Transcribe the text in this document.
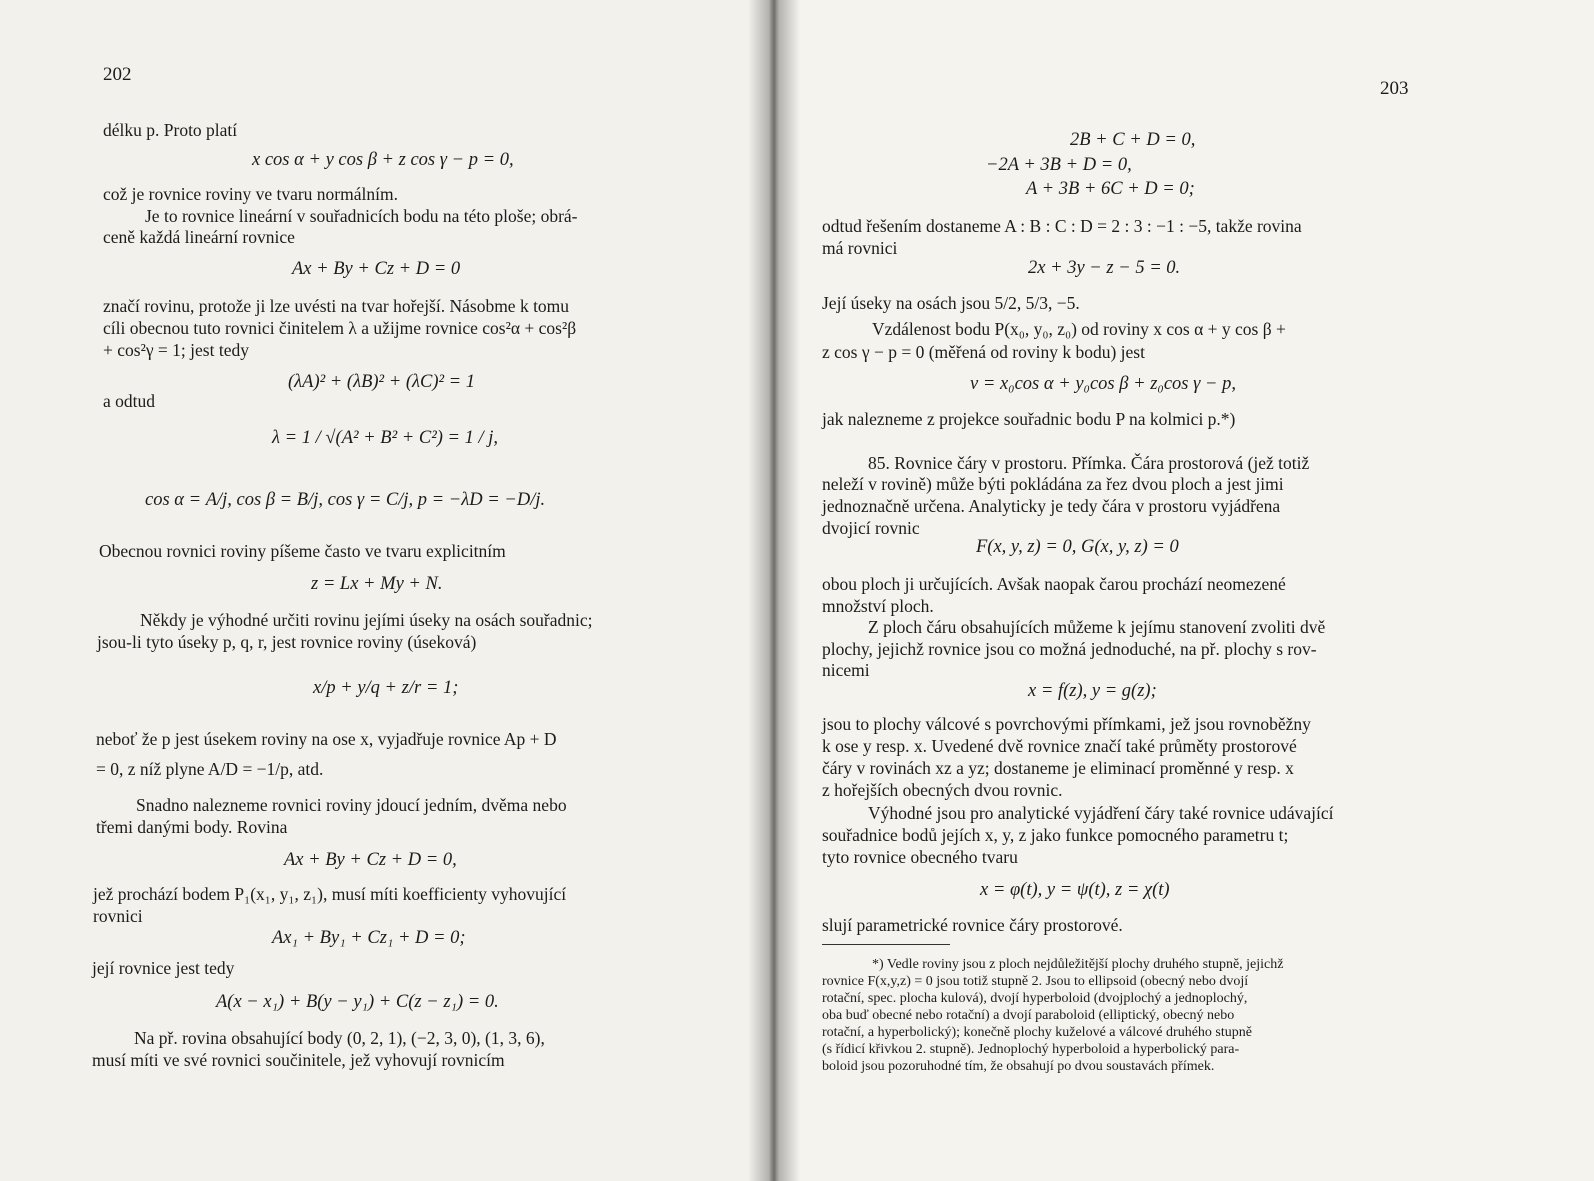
202
délku p. Proto platí
x cos α + y cos β + z cos γ − p = 0,
což je rovnice roviny ve tvaru normálním.
Je to rovnice lineární v souřadnicích bodu na této ploše; obrá-
ceně každá lineární rovnice
Ax + By + Cz + D = 0
značí rovinu, protože ji lze uvésti na tvar hořejší. Násobme k tomu
cíli obecnou tuto rovnici činitelem λ a užijme rovnice cos²α + cos²β
+ cos²γ = 1; jest tedy
(λA)² + (λB)² + (λC)² = 1
a odtud
λ = 1 / √(A² + B² + C²) = 1 / j,
cos α = A/j, cos β = B/j, cos γ = C/j, p = −λD = −D/j.
Obecnou rovnici roviny píšeme často ve tvaru explicitním
z = Lx + My + N.
Někdy je výhodné určiti rovinu jejími úseky na osách souřadnic;
jsou-li tyto úseky p, q, r, jest rovnice roviny (úseková)
x/p + y/q + z/r = 1;
neboť že p jest úsekem roviny na ose x, vyjadřuje rovnice Ap + D
= 0, z níž plyne A/D = −1/p, atd.
Snadno nalezneme rovnici roviny jdoucí jedním, dvěma nebo
třemi danými body. Rovina
Ax + By + Cz + D = 0,
jež prochází bodem P₁(x₁, y₁, z₁), musí míti koefficienty vyhovující
rovnici
Ax₁ + By₁ + Cz₁ + D = 0;
její rovnice jest tedy
A(x − x₁) + B(y − y₁) + C(z − z₁) = 0.
Na př. rovina obsahující body (0, 2, 1), (−2, 3, 0), (1, 3, 6),
musí míti ve své rovnici součinitele, jež vyhovují rovnicím
203
2B + C + D = 0,
−2A + 3B + D = 0,
A + 3B + 6C + D = 0;
odtud řešením dostaneme A : B : C : D = 2 : 3 : −1 : −5, takže rovina
má rovnici
2x + 3y − z − 5 = 0.
Její úseky na osách jsou 5/2, 5/3, −5.
Vzdálenost bodu P(x₀, y₀, z₀) od roviny x cos α + y cos β +
z cos γ − p = 0 (měřená od roviny k bodu) jest
v = x₀cos α + y₀cos β + z₀cos γ − p,
jak nalezneme z projekce souřadnic bodu P na kolmici p.*)
85. Rovnice čáry v prostoru. Přímka. Čára prostorová (jež totiž
neleží v rovině) může býti pokládána za řez dvou ploch a jest jimi
jednoznačně určena. Analyticky je tedy čára v prostoru vyjádřena
dvojicí rovnic
F(x, y, z) = 0, G(x, y, z) = 0
obou ploch ji určujících. Avšak naopak čarou prochází neomezené
množství ploch.
Z ploch čáru obsahujících můžeme k jejímu stanovení zvoliti dvě
plochy, jejichž rovnice jsou co možná jednoduché, na př. plochy s rov-
nicemi
x = f(z), y = g(z);
jsou to plochy válcové s povrchovými přímkami, jež jsou rovnoběžny
k ose y resp. x. Uvedené dvě rovnice značí také průměty prostorové
čáry v rovinách xz a yz; dostaneme je eliminací proměnné y resp. x
z hořejších obecných dvou rovnic.
Výhodné jsou pro analytické vyjádření čáry také rovnice udávající
souřadnice bodů jejích x, y, z jako funkce pomocného parametru t;
tyto rovnice obecného tvaru
x = φ(t), y = ψ(t), z = χ(t)
slují parametrické rovnice čáry prostorové.
*) Vedle roviny jsou z ploch nejdůležitější plochy druhého stupně, jejichž
rovnice F(x,y,z) = 0 jsou totiž stupně 2. Jsou to ellipsoid (obecný nebo dvojí
rotační, spec. plocha kulová), dvojí hyperboloid (dvojplochý a jednoplochý,
oba buď obecné nebo rotační) a dvojí paraboloid (elliptický, obecný nebo
rotační, a hyperbolický); konečně plochy kuželové a válcové druhého stupně
(s řídicí křivkou 2. stupně). Jednoplochý hyperboloid a hyperbolický para-
boloid jsou pozoruhodné tím, že obsahují po dvou soustavách přímek.
